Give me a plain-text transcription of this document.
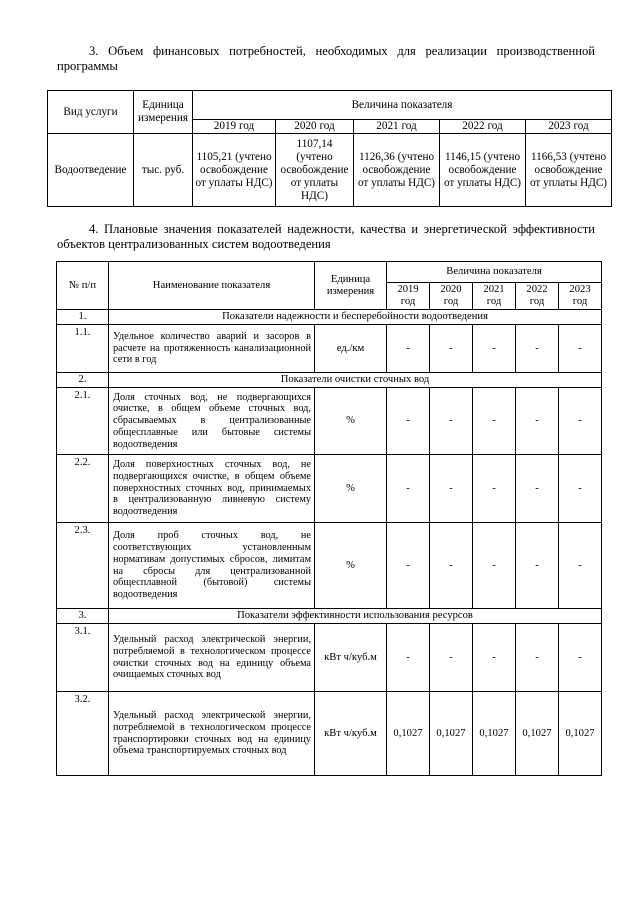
3. Объем финансовых потребностей, необходимых для реализации производственной программы
Вид услуги	Единица измерения	Величина показателя				
		2019 год	2020 год	2021 год	2022 год	2023 год
Водоотведение	тыс. руб.	1105,21 (учтено освобождение от уплаты НДС)	1107,14 (учтено освобождение от уплаты НДС)	1126,36 (учтено освобождение от уплаты НДС)	1146,15 (учтено освобождение от уплаты НДС)	1166,53 (учтено освобождение от уплаты НДС)
4. Плановые значения показателей надежности, качества и энергетической эффективности объектов централизованных систем водоотведения
№ п/п	Наименование показателя	Единица измерения	Величина показателя				
			2019 год	2020 год	2021 год	2022 год	2023 год
1.	Показатели надежности и бесперебойности водоотведения						
1.1.	Удельное количество аварий и засоров в расчете на протяженность канализационной сети в год	ед./км	-	-	-	-	-
2.	Показатели очистки сточных вод						
2.1.	Доля сточных вод, не подвергающихся очистке, в общем объеме сточных вод, сбрасываемых в централизованные общесплавные или бытовые системы водоотведения	%	-	-	-	-	-
2.2.	Доля поверхностных сточных вод, не подвергающихся очистке, в общем объеме поверхностных сточных вод, принимаемых в централизованную ливневую систему водоотведения	%	-	-	-	-	-
2.3.	Доля проб сточных вод, не соответствующих установленным нормативам допустимых сбросов, лимитам на сбросы для централизованной общесплавной (бытовой) системы водоотведения	%	-	-	-	-	-
3.	Показатели эффективности использования ресурсов						
3.1.	Удельный расход электрической энергии, потребляемой в технологическом процессе очистки сточных вод на единицу объема очищаемых сточных вод	кВт ч/куб.м	-	-	-	-	-
3.2.	Удельный расход электрической энергии, потребляемой в технологическом процессе транспортировки сточных вод на единицу объема транспортируемых сточных вод	кВт ч/куб.м	0,1027	0,1027	0,1027	0,1027	0,1027
